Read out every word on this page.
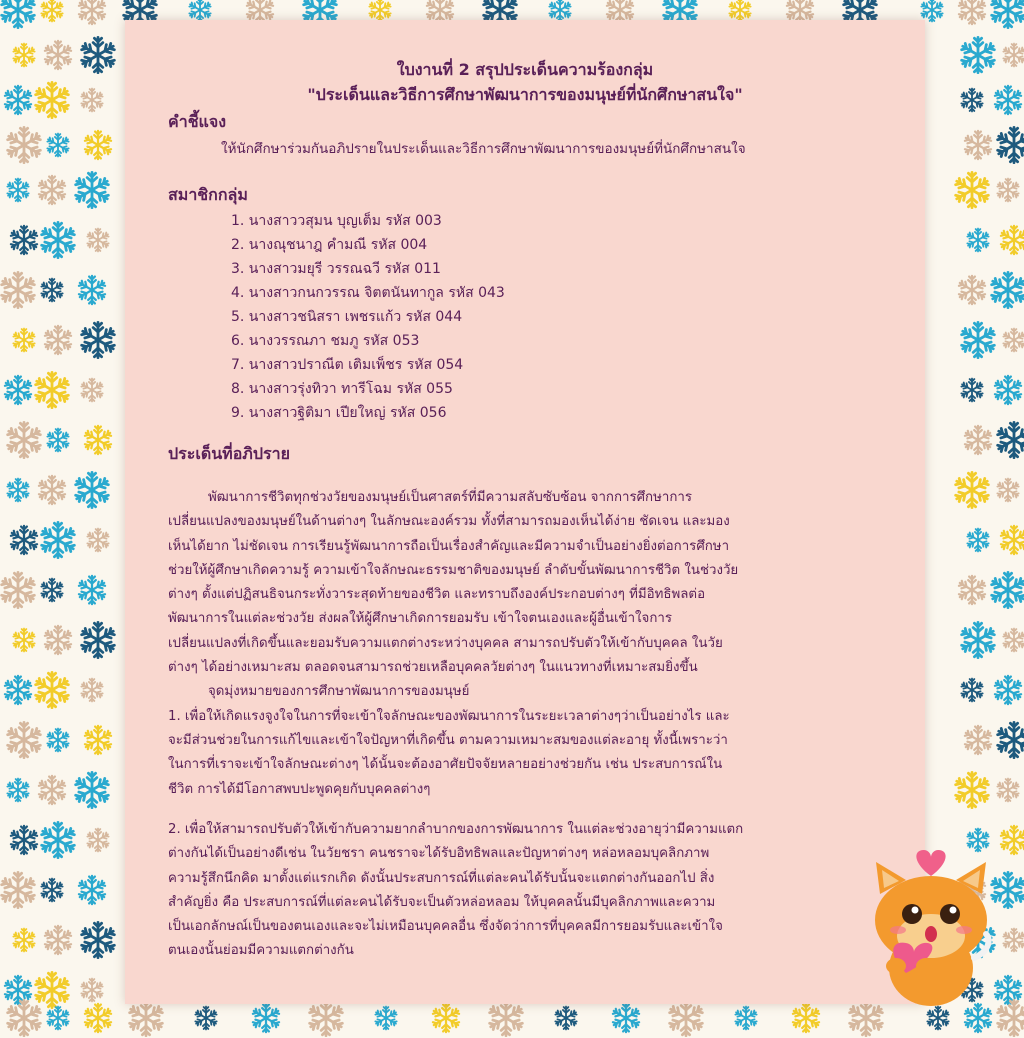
ใบงานที่ 2 สรุปประเด็นความร้องกลุ่ม

"ประเด็นและวิธีการศึกษาพัฒนาการของมนุษย์ที่นักศึกษาสนใจ"

คำชี้แจง

ให้นักศึกษาร่วมกันอภิปรายในประเด็นและวิธีการศึกษาพัฒนาการของมนุษย์ที่นักศึกษาสนใจ

สมาชิกกลุ่ม

1. นางสาววสุมน บุญเต็ม รหัส 003
2. นางณุชนาฎ คำมณี รหัส 004
3. นางสาวมยุรี วรรณฉวี รหัส 011
4. นางสาวกนกวรรณ จิตตนันทากูล รหัส 043
5. นางสาวชนิสรา เพชรแก้ว รหัส 044
6. นางวรรณภา ชมภู รหัส 053
7. นางสาวปราณีต เติมเพ็ชร รหัส 054
8. นางสาวรุ่งทิวา ทารีโฉม รหัส 055
9. นางสาวฐิติมา เปียใหญ่ รหัส 056

ประเด็นที่อภิปราย

พัฒนาการชีวิตทุกช่วงวัยของมนุษย์เป็นศาสตร์ที่มีความสลับซับซ้อน จากการศึกษาการ
เปลี่ยนแปลงของมนุษย์ในด้านต่างๆ ในลักษณะองค์รวม ทั้งที่สามารถมองเห็นได้ง่าย ชัดเจน และมอง
เห็นได้ยาก ไม่ชัดเจน การเรียนรู้พัฒนาการถือเป็นเรื่องสำคัญและมีความจำเป็นอย่างยิ่งต่อการศึกษา
ช่วยให้ผู้ศึกษาเกิดความรู้ ความเข้าใจลักษณะธรรมชาติของมนุษย์ ลำดับขั้นพัฒนาการชีวิต ในช่วงวัย
ต่างๆ ตั้งแต่ปฏิสนธิจนกระทั่งวาระสุดท้ายของชีวิต และทราบถึงองค์ประกอบต่างๆ ที่มีอิทธิพลต่อ
พัฒนาการในแต่ละช่วงวัย ส่งผลให้ผู้ศึกษาเกิดการยอมรับ เข้าใจตนเองและผู้อื่นเข้าใจการ
เปลี่ยนแปลงที่เกิดขึ้นและยอมรับความแตกต่างระหว่างบุคคล สามารถปรับตัวให้เข้ากับบุคคล ในวัย
ต่างๆ ได้อย่างเหมาะสม ตลอดจนสามารถช่วยเหลือบุคคลวัยต่างๆ ในแนวทางที่เหมาะสมยิ่งขึ้น
จุดมุ่งหมายของการศึกษาพัฒนาการของมนุษย์
1. เพื่อให้เกิดแรงจูงใจในการที่จะเข้าใจลักษณะของพัฒนาการในระยะเวลาต่างๆว่าเป็นอย่างไร และ
จะมีส่วนช่วยในการแก้ไขและเข้าใจปัญหาที่เกิดขึ้น ตามความเหมาะสมของแต่ละอายุ ทั้งนี้เพราะว่า
ในการที่เราจะเข้าใจลักษณะต่างๆ ได้นั้นจะต้องอาศัยปัจจัยหลายอย่างช่วยกัน เช่น ประสบการณ์ใน
ชีวิต การได้มีโอกาสพบปะพูดคุยกับบุคคลต่างๆ
2. เพื่อให้สามารถปรับตัวให้เข้ากับความยากลำบากของการพัฒนาการ ในแต่ละช่วงอายุว่ามีความแตก
ต่างกันได้เป็นอย่างดีเช่น ในวัยชรา คนชราจะได้รับอิทธิพลและปัญหาต่างๆ หล่อหลอมบุคลิกภาพ
ความรู้สึกนึกคิด มาตั้งแต่แรกเกิด ดังนั้นประสบการณ์ที่แต่ละคนได้รับนั้นจะแตกต่างกันออกไป สิ่ง
สำคัญยิ่ง คือ ประสบการณ์ที่แต่ละคนได้รับจะเป็นตัวหล่อหลอม ให้บุคคลนั้นมีบุคลิกภาพและความ
เป็นเอกลักษณ์เป็นของตนเองและจะไม่เหมือนบุคคลอื่น ซึ่งจัดว่าการที่บุคคลมีการยอมรับและเข้าใจ
ตนเองนั้นย่อมมีความแตกต่างกัน
